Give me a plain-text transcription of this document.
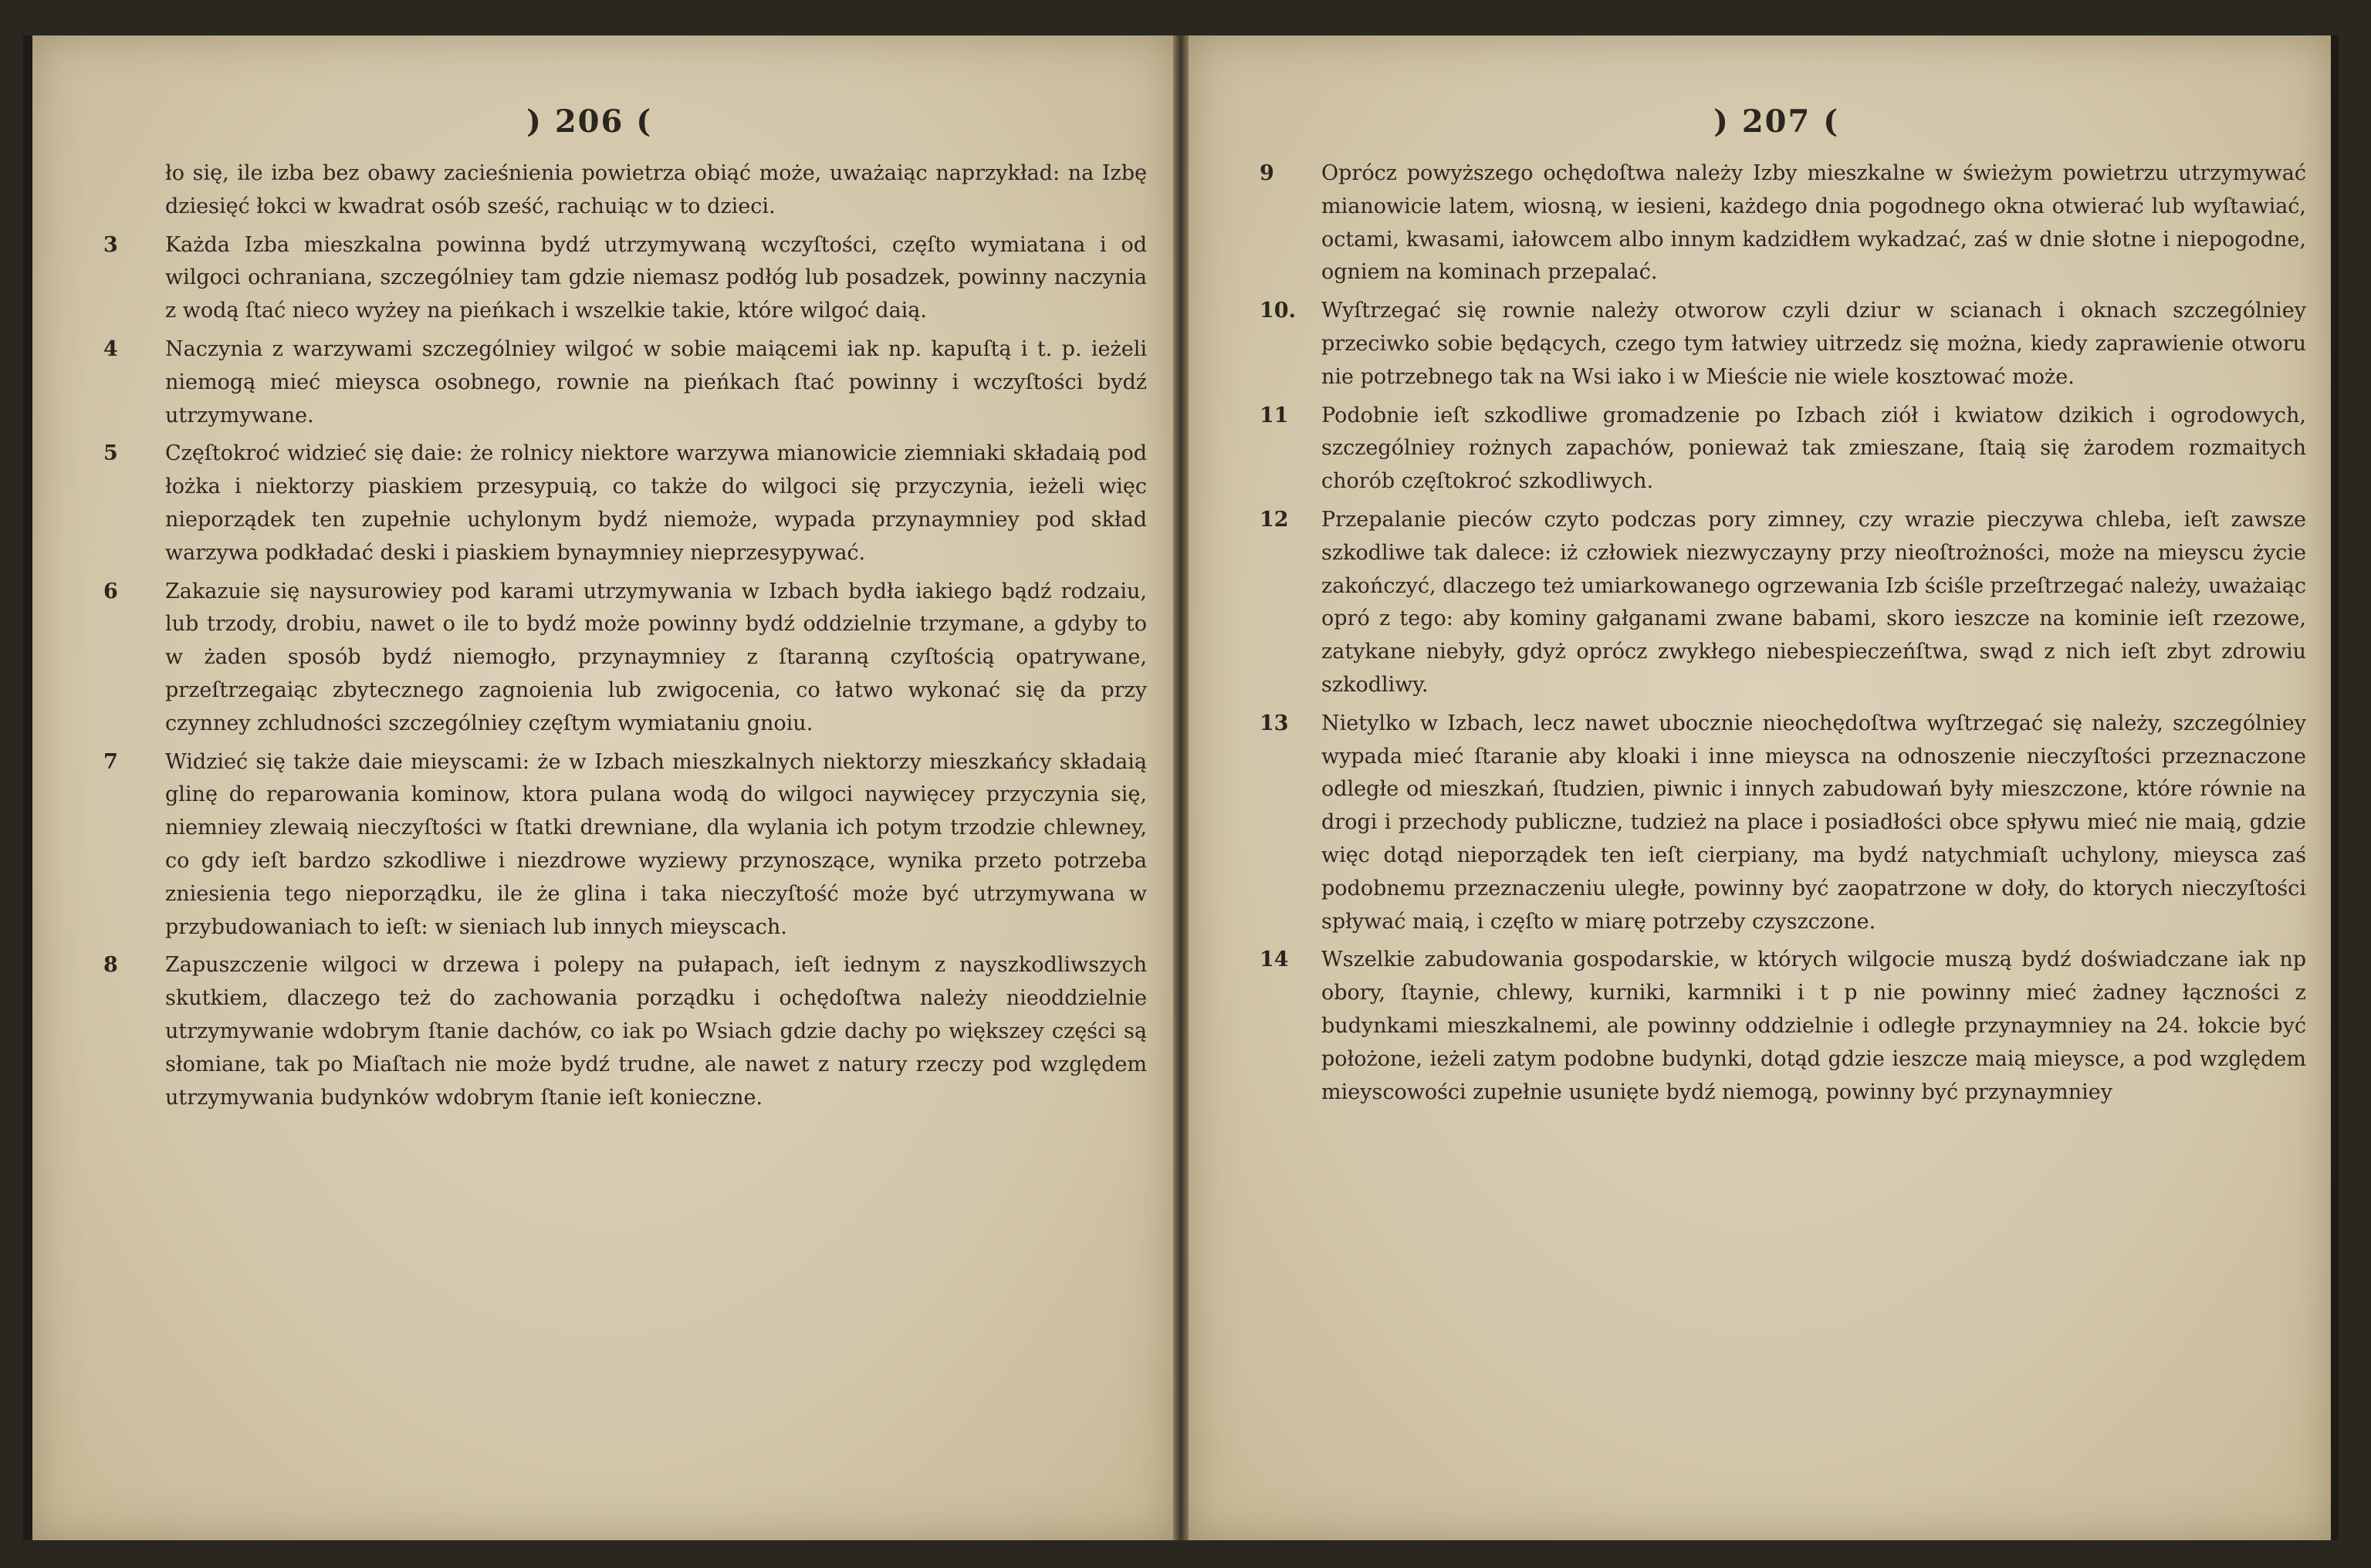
) 206 (
ło się, ile izba bez obawy zacieśnienia powietrza obiąć może, uważaiąc naprzykład: na Izbę dziesięć łokci w kwadrat osób sześć, rachuiąc w to dzieci.
3	Każda Izba mieszkalna powinna bydź utrzymywaną wczyſtości, częſto wymiatana i od wilgoci ochraniana, szczególniey tam gdzie niemasz podłóg lub posadzek, powinny naczynia z wodą ſtać nieco wyżey na pieńkach i wszelkie takie, które wilgoć daią.
4	Naczynia z warzywami szczególniey wilgoć w sobie maiącemi iak np. kapuſtą i t. p. ieżeli niemogą mieć mieysca osobnego, rownie na pieńkach ſtać powinny i wczyſtości bydź utrzymywane.
5	Częſtokroć widzieć się daie: że rolnicy niektore warzywa mianowicie ziemniaki składaią pod łożka i niektorzy piaskiem przesypuią, co także do wilgoci się przyczynia, ieżeli więc nieporządek ten zupełnie uchylonym bydź niemoże, wypada przynaymniey pod skład warzywa podkładać deski i piaskiem bynaymniey nieprzesypywać.
6	Zakazuie się naysurowiey pod karami utrzymywania w Izbach bydła iakiego bądź rodzaiu, lub trzody, drobiu, nawet o ile to bydź może powinny bydź oddzielnie trzymane, a gdyby to w żaden sposób bydź niemogło, przynaymniey z ſtaranną czyſtością opatrywane, przeſtrzegaiąc zbytecznego zagnoienia lub zwigocenia, co łatwo wykonać się da przy czynney zchludności szczególniey częſtym wymiataniu gnoiu.
7	Widzieć się także daie mieyscami: że w Izbach mieszkalnych niektorzy mieszkańcy składaią glinę do reparowania kominow, ktora pulana wodą do wilgoci naywięcey przyczynia się, niemniey zlewaią nieczyſtości w ſtatki drewniane, dla wylania ich potym trzodzie chlewney, co gdy ieſt bardzo szkodliwe i niezdrowe wyziewy przynoszące, wynika przeto potrzeba zniesienia tego nieporządku, ile że glina i taka nieczyſtość może być utrzymywana w przybudowaniach to ieſt: w sieniach lub innych mieyscach.
8	Zapuszczenie wilgoci w drzewa i polepy na pułapach, ieſt iednym z nayszkodliwszych skutkiem, dlaczego też do zachowania porządku i ochędoſtwa należy nieoddzielnie utrzymywanie wdobrym ſtanie dachów, co iak po Wsiach gdzie dachy po większey części są słomiane, tak po Miaſtach nie może bydź trudne, ale nawet z natury rzeczy pod względem utrzymywania budynków wdobrym ſtanie ieſt konieczne.
) 207 (
9	Oprócz powyższego ochędoſtwa należy Izby mieszkalne w świeżym powietrzu utrzymywać mianowicie latem, wiosną, w iesieni, każdego dnia pogodnego okna otwierać lub wyſtawiać, octami, kwasami, iałowcem albo innym kadzidłem wykadzać, zaś w dnie słotne i niepogodne, ogniem na kominach przepalać.
10.	Wyſtrzegać się rownie należy otworow czyli dziur w scianach i oknach szczególniey przeciwko sobie będących, czego tym łatwiey uitrzedz się można, kiedy zaprawienie otworu nie potrzebnego tak na Wsi iako i w Mieście nie wiele kosztować może.
11	Podobnie ieſt szkodliwe gromadzenie po Izbach ziół i kwiatow dzikich i ogrodowych, szczególniey rożnych zapachów, ponieważ tak zmieszane, ſtaią się żarodem rozmaitych chorób częſtokroć szkodliwych.
12	Przepalanie pieców czyto podczas pory zimney, czy wrazie pieczywa chleba, ieſt zawsze szkodliwe tak dalece: iż człowiek niezwyczayny przy nieoſtrożności, może na mieyscu życie zakończyć, dlaczego też umiarkowanego ogrzewania Izb ściśle przeſtrzegać należy, uważaiąc opró z tego: aby kominy gałganami zwane babami, skoro ieszcze na kominie ieſt rzezowe, zatykane niebyły, gdyż oprócz zwykłego niebespieczeńſtwa, swąd z nich ieſt zbyt zdrowiu szkodliwy.
13	Nietylko w Izbach, lecz nawet ubocznie nieochędoſtwa wyſtrzegać się należy, szczególniey wypada mieć ſtaranie aby kloaki i inne mieysca na odnoszenie nieczyſtości przeznaczone odległe od mieszkań, ſtudzien, piwnic i innych zabudowań były mieszczone, które równie na drogi i przechody publiczne, tudzież na place i posiadłości obce spływu mieć nie maią, gdzie więc dotąd nieporządek ten ieſt cierpiany, ma bydź natychmiaſt uchylony, mieysca zaś podobnemu przeznaczeniu uległe, powinny być zaopatrzone w doły, do ktorych nieczyſtości spływać maią, i częſto w miarę potrzeby czyszczone.
14	Wszelkie zabudowania gospodarskie, w których wilgocie muszą bydź doświadczane iak np obory, ſtaynie, chlewy, kurniki, karmniki i t p nie powinny mieć żadney łączności z budynkami mieszkalnemi, ale powinny oddzielnie i odległe przynaymniey na 24. łokcie być położone, ieżeli zatym podobne budynki, dotąd gdzie ieszcze maią mieysce, a pod względem mieyscowości zupełnie usunięte bydź niemogą, powinny być przynaymniey
